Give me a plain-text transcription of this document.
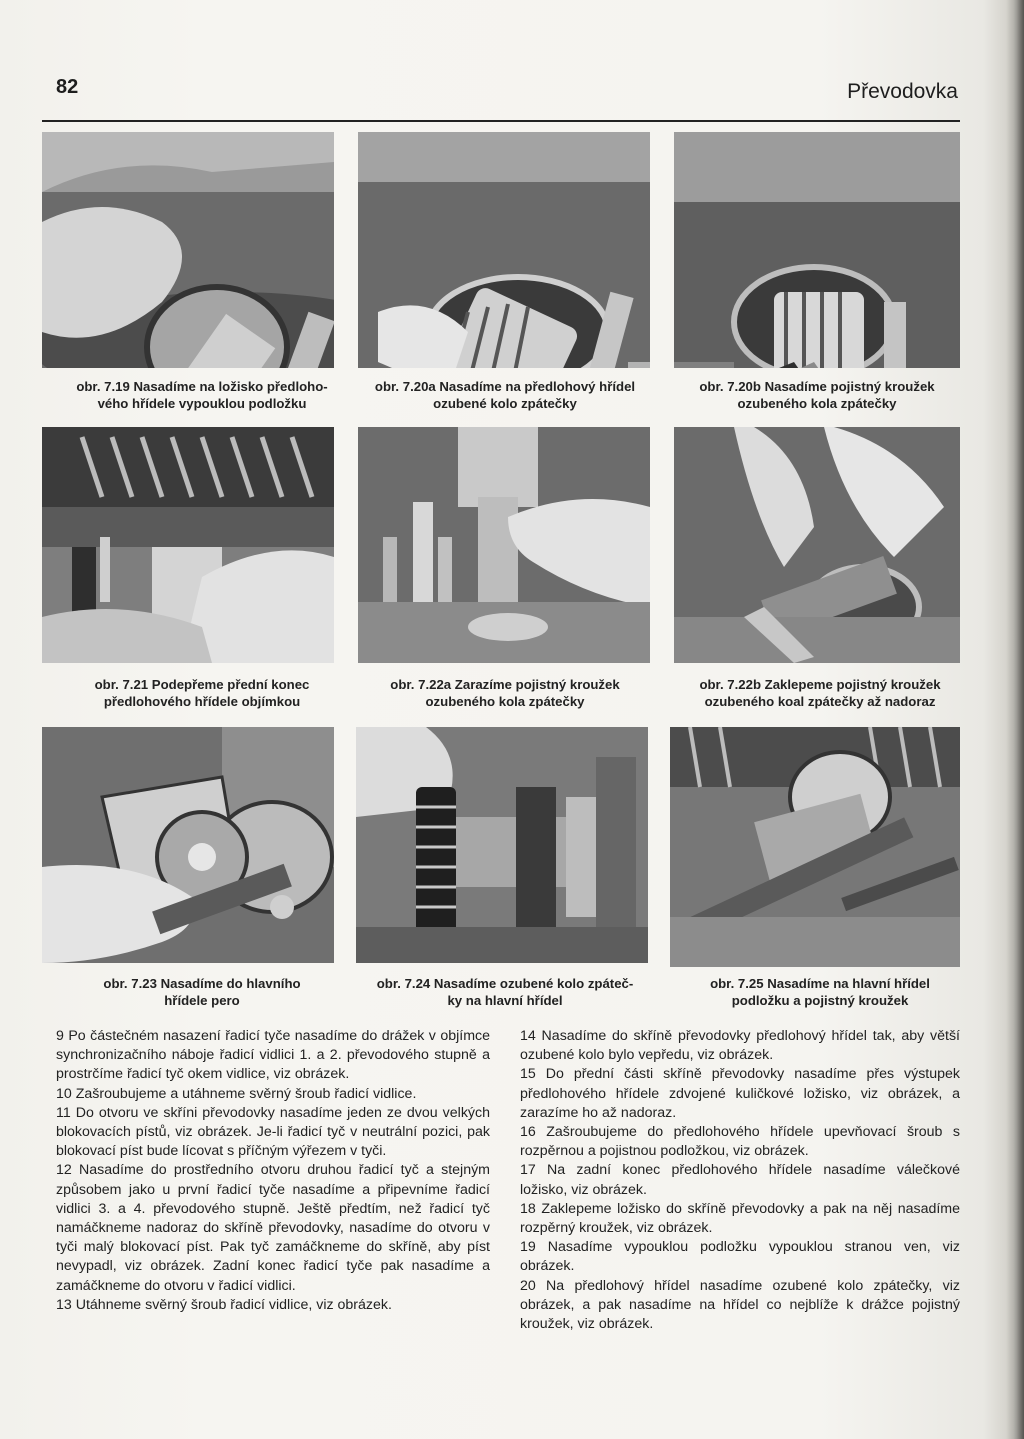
82	Převodovka
obr. 7.19 Nasadíme na ložisko předloho-
vého hřídele vypouklou podložku
obr. 7.20a Nasadíme na předlohový hřídel
ozubené kolo zpátečky
obr. 7.20b Nasadíme pojistný kroužek
ozubeného kola zpátečky
obr. 7.21 Podepřeme přední konec
předlohového hřídele objímkou
obr. 7.22a Zarazíme pojistný kroužek
ozubeného kola zpátečky
obr. 7.22b Zaklepeme pojistný kroužek
ozubeného koal zpátečky až nadoraz
obr. 7.23 Nasadíme do hlavního
hřídele pero
obr. 7.24 Nasadíme ozubené kolo zpáteč-
ky na hlavní hřídel
obr. 7.25 Nasadíme na hlavní hřídel
podložku a pojistný kroužek

9 Po částečném nasazení řadicí tyče nasadíme do drážek v objímce synchronizačního náboje řadicí vidlici 1. a 2. převodového stupně a prostrčíme řadicí tyč okem vidlice, viz obrázek.

10 Zašroubujeme a utáhneme svěrný šroub řadicí vidlice.

11 Do otvoru ve skříni převodovky nasadíme jeden ze dvou velkých blokovacích pístů, viz obrázek. Je-li řadicí tyč v neutrální pozici, pak blokovací píst bude lícovat s příčným výřezem v tyči.

12 Nasadíme do prostředního otvoru druhou řadicí tyč a stejným způsobem jako u první řadicí tyče nasadíme a připevníme řadicí vidlici 3. a 4. převodového stupně. Ještě předtím, než řadicí tyč namáčkneme nadoraz do skříně převodovky, nasadíme do otvoru v tyči malý blokovací píst. Pak tyč zamáčkneme do skříně, aby píst nevypadl, viz obrázek. Zadní konec řadicí tyče pak nasadíme a zamáčkneme do otvoru v řadicí vidlici.

13 Utáhneme svěrný šroub řadicí vidlice, viz obrázek.

14 Nasadíme do skříně převodovky předlohový hřídel tak, aby větší ozubené kolo bylo vepředu, viz obrázek.

15 Do přední části skříně převodovky nasadíme přes výstupek předlohového hřídele zdvojené kuličkové ložisko, viz obrázek, a zarazíme ho až nadoraz.

16 Zašroubujeme do předlohového hřídele upevňovací šroub s rozpěrnou a pojistnou podložkou, viz obrázek.

17 Na zadní konec předlohového hřídele nasadíme válečkové ložisko, viz obrázek.

18 Zaklepeme ložisko do skříně převodovky a pak na něj nasadíme rozpěrný kroužek, viz obrázek.

19 Nasadíme vypouklou podložku vypouklou stranou ven, viz obrázek.

20 Na předlohový hřídel nasadíme ozubené kolo zpátečky, viz obrázek, a pak nasadíme na hřídel co nejblíže k drážce pojistný kroužek, viz obrázek.
